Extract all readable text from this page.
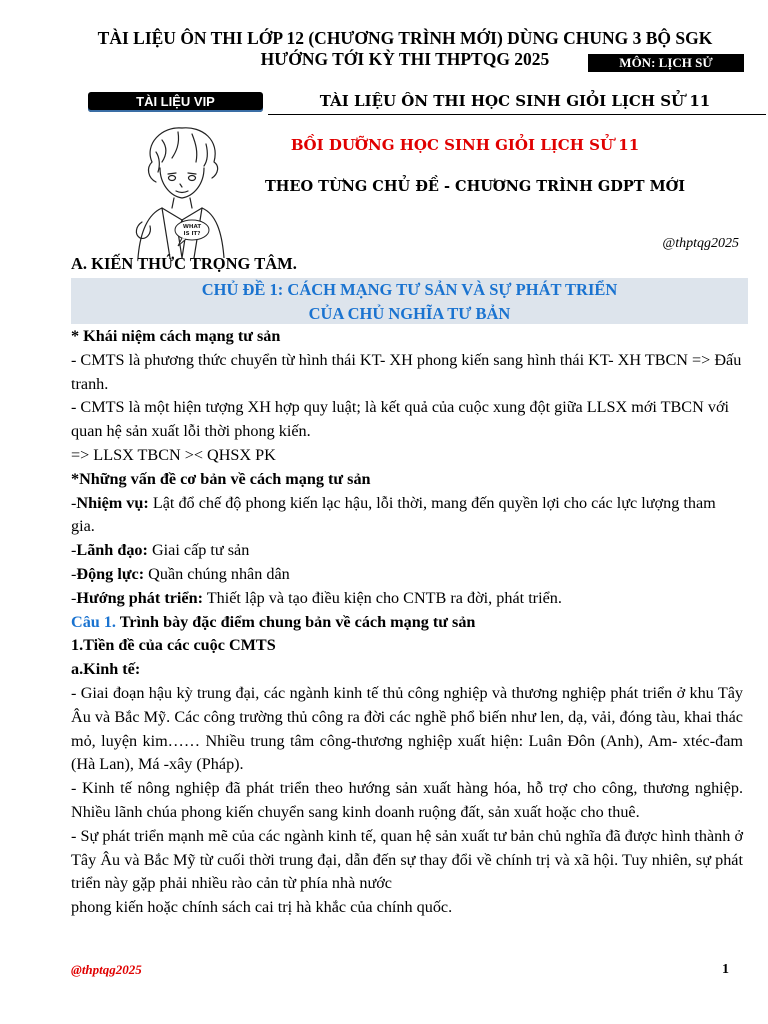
TÀI LIỆU ÔN THI LỚP 12 (CHƯƠNG TRÌNH MỚI) DÙNG CHUNG 3 BỘ SGK
HƯỚNG TỚI KỲ THI THPTQG 2025	MÔN: LỊCH SỬ
TÀI LIỆU VIP	TÀI LIỆU ÔN THI HỌC SINH GIỎI LỊCH SỬ 11
WHAT
IS IT?
BỒI DƯỠNG HỌC SINH GIỎI LỊCH SỬ 11
THEO TỪNG CHỦ ĐỀ - CHƯƠNG TRÌNH GDPT MỚI
@thptqg2025
A. KIẾN THỨC TRỌNG TÂM.
CHỦ ĐỀ 1: CÁCH MẠNG TƯ SẢN VÀ SỰ PHÁT TRIỂN
CỦA CHỦ NGHĨA TƯ BẢN

* Khái niệm cách mạng tư sản

- CMTS là phương thức chuyển từ hình thái KT- XH phong kiến sang hình thái KT- XH TBCN => Đấu tranh.

- CMTS là một hiện tượng XH hợp quy luật; là kết quả của cuộc xung đột giữa LLSX mới TBCN với quan hệ sản xuất lỗi thời phong kiến.

=> LLSX TBCN >< QHSX PK

*Những vấn đề cơ bản về cách mạng tư sản

-Nhiệm vụ: Lật đổ chế độ phong kiến lạc hậu, lỗi thời, mang đến quyền lợi cho các lực lượng tham gia.

-Lãnh đạo: Giai cấp tư sản

-Động lực: Quần chúng nhân dân

-Hướng phát triển: Thiết lập và tạo điều kiện cho CNTB ra đời, phát triển.

Câu 1. Trình bày đặc điểm chung bản về cách mạng tư sản

1.Tiền đề của các cuộc CMTS

a.Kinh tế:

- Giai đoạn hậu kỳ trung đại, các ngành kinh tế thủ công nghiệp và thương nghiệp phát triển ở khu Tây Âu và Bắc Mỹ. Các công trường thủ công ra đời các nghề phổ biến như len, dạ, vải, đóng tàu, khai thác mỏ, luyện kim…… Nhiều trung tâm công-thương nghiệp xuất hiện: Luân Đôn (Anh), Am- xtéc-đam (Hà Lan), Má -xây (Pháp).

- Kinh tế nông nghiệp đã phát triển theo hướng sản xuất hàng hóa, hỗ trợ cho công, thương nghiệp. Nhiều lãnh chúa phong kiến chuyển sang kinh doanh ruộng đất, sản xuất hoặc cho thuê.

- Sự phát triển mạnh mẽ của các ngành kinh tế, quan hệ sản xuất tư bản chủ nghĩa đã được hình thành ở Tây Âu và Bắc Mỹ từ cuối thời trung đại, dẫn đến sự thay đổi về chính trị và xã hội. Tuy nhiên, sự phát triển này gặp phải nhiều rào cản từ phía nhà nước

phong kiến hoặc chính sách cai trị hà khắc của chính quốc.

@thptqg2025	1
